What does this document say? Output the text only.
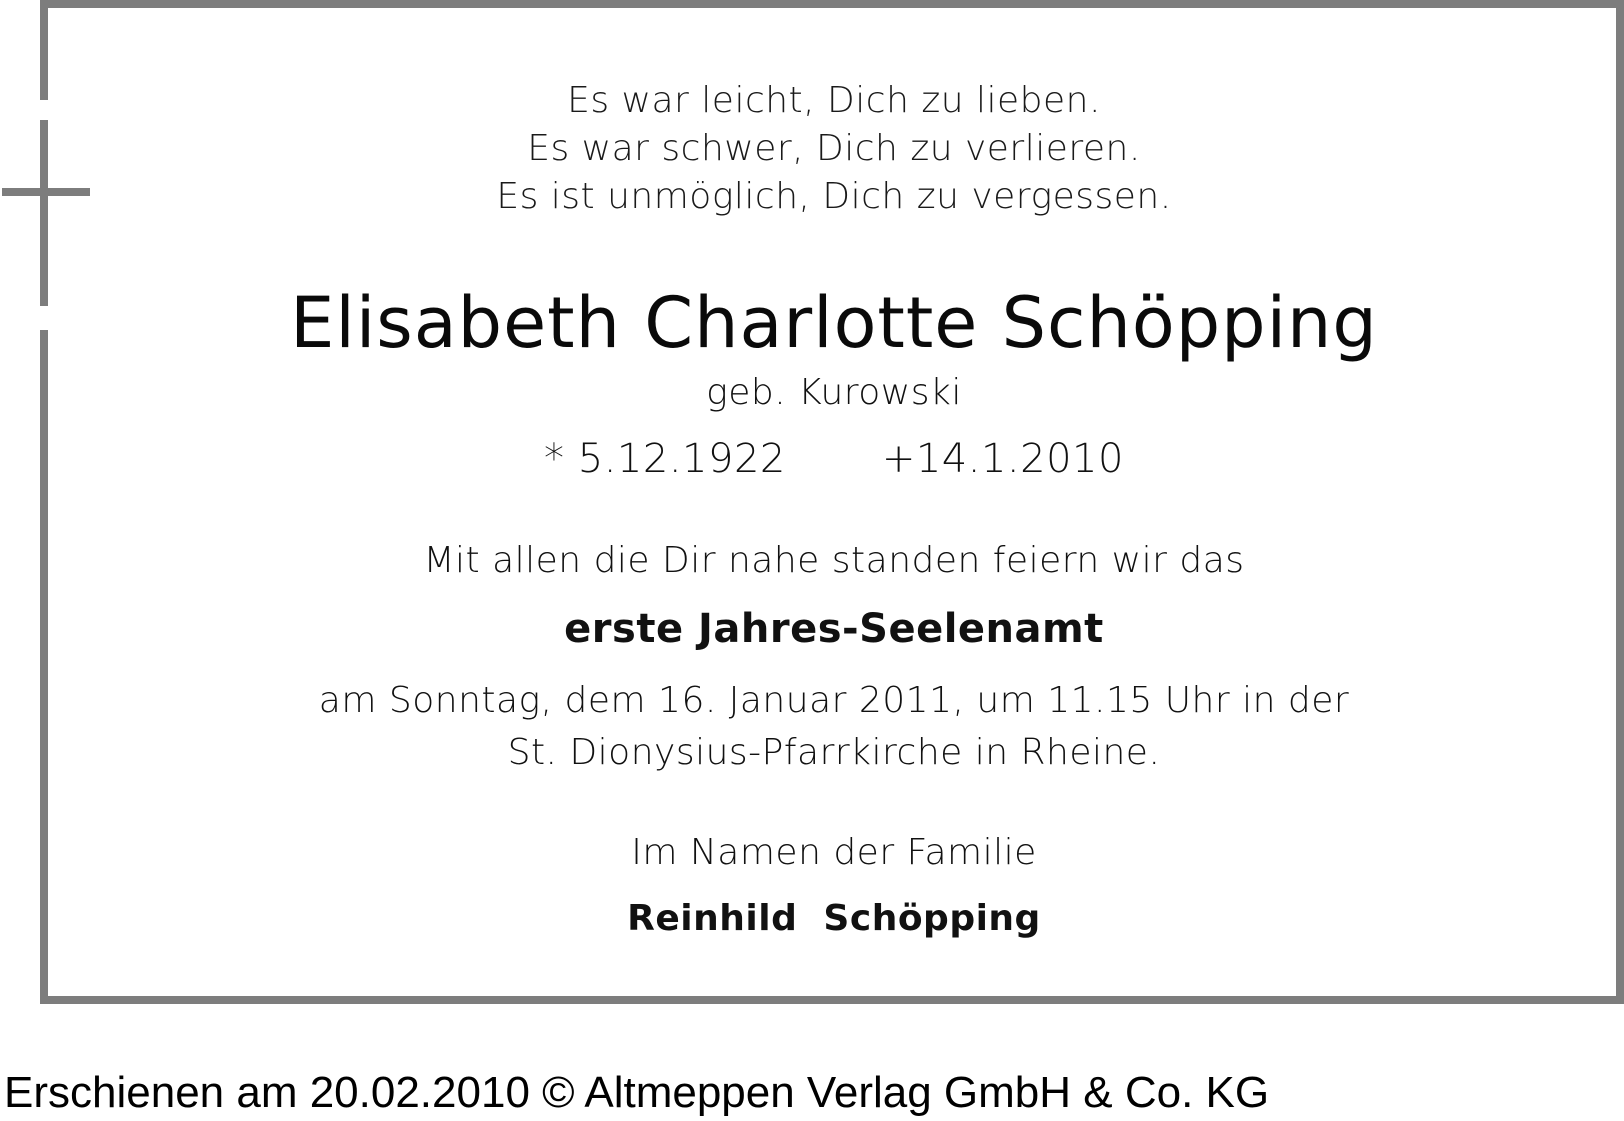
Es war leicht, Dich zu lieben.
Es war schwer, Dich zu verlieren.
Es ist unmöglich, Dich zu vergessen.
Elisabeth Charlotte Schöpping
geb. Kurowski
* 5.12.1922 +14.1.2010
Mit allen die Dir nahe standen feiern wir das
erste Jahres-Seelenamt
am Sonntag, dem 16. Januar 2011, um 11.15 Uhr in der
St. Dionysius-Pfarrkirche in Rheine.
Im Namen der Familie
Reinhild  Schöpping
Erschienen am 20.02.2010 © Altmeppen Verlag GmbH & Co. KG
